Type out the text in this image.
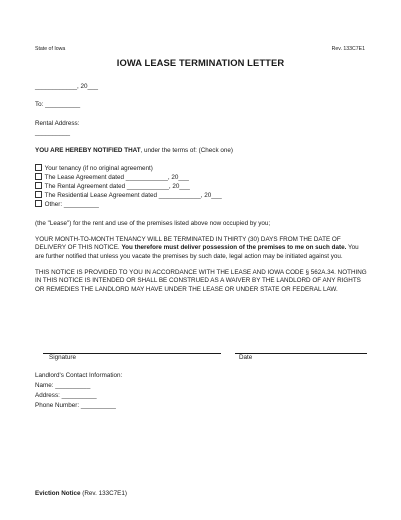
State of Iowa	Rev. 133C7E1
IOWA LEASE TERMINATION LETTER
____________, 20___
To: __________
Rental Address:
__________
YOU ARE HEREBY NOTIFIED THAT, under the terms of: (Check one)
Your tenancy (if no original agreement)
The Lease Agreement dated ____________, 20___
The Rental Agreement dated ____________, 20___
The Residential Lease Agreement dated ____________, 20___
Other: __________
(the "Lease") for the rent and use of the premises listed above now occupied by you;
YOUR MONTH-TO-MONTH TENANCY WILL BE TERMINATED IN THIRTY (30) DAYS FROM THE DATE OF DELIVERY OF THIS NOTICE. You therefore must deliver possession of the premises to me on such date. You are further notified that unless you vacate the premises by such date, legal action may be initiated against you.
THIS NOTICE IS PROVIDED TO YOU IN ACCORDANCE WITH THE LEASE AND IOWA CODE § 562A.34. NOTHING IN THIS NOTICE IS INTENDED OR SHALL BE CONSTRUED AS A WAIVER BY THE LANDLORD OF ANY RIGHTS OR REMEDIES THE LANDLORD MAY HAVE UNDER THE LEASE OR UNDER STATE OR FEDERAL LAW.
Signature	Date
Landlord's Contact Information:
Name: __________
Address: __________
Phone Number: __________
Eviction Notice (Rev. 133C7E1)
